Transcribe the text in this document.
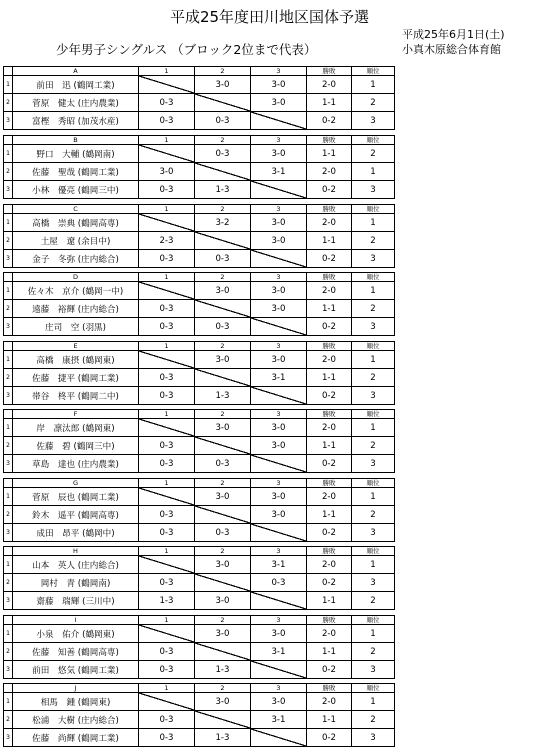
平成25年度田川地区国体予選
少年男子シングルス （ブロック2位まで代表）
平成25年6月1日(土)
小真木原総合体育館
	A	1	2	3	勝敗	順位
1	前田　迅 (鶴岡工業)		3-0	3-0	2-0	1
2	菅原　健太 (庄内農業)	0-3		3-0	1-1	2
3	富樫　秀昭 (加茂水産)	0-3	0-3		0-2	3
	B	1	2	3	勝敗	順位
1	野口　大輔 (鶴岡南)		0-3	3-0	1-1	2
2	佐藤　聖哉 (鶴岡工業)	3-0		3-1	2-0	1
3	小林　優亮 (鶴岡三中)	0-3	1-3		0-2	3
	C	1	2	3	勝敗	順位
1	高橋　崇典 (鶴岡高専)		3-2	3-0	2-0	1
2	土屋　遼 (余目中)	2-3		3-0	1-1	2
3	金子　冬弥 (庄内総合)	0-3	0-3		0-2	3
	D	1	2	3	勝敗	順位
1	佐々木　京介 (鶴岡一中)		3-0	3-0	2-0	1
2	遠藤　裕輝 (庄内総合)	0-3		3-0	1-1	2
3	庄司　空 (羽黒)	0-3	0-3		0-2	3
	E	1	2	3	勝敗	順位
1	高橋　康摂 (鶴岡東)		3-0	3-0	2-0	1
2	佐藤　捷平 (鶴岡工業)	0-3		3-1	1-1	2
3	帯谷　柊平 (鶴岡二中)	0-3	1-3		0-2	3
	F	1	2	3	勝敗	順位
1	岸　凛汰郎 (鶴岡東)		3-0	3-0	2-0	1
2	佐藤　碧 (鶴岡三中)	0-3		3-0	1-1	2
3	草島　達也 (庄内農業)	0-3	0-3		0-2	3
	G	1	2	3	勝敗	順位
1	菅原　辰也 (鶴岡工業)		3-0	3-0	2-0	1
2	鈴木　遥平 (鶴岡高専)	0-3		3-0	1-1	2
3	成田　昂平 (鶴岡中)	0-3	0-3		0-2	3
	H	1	2	3	勝敗	順位
1	山本　英人 (庄内総合)		3-0	3-1	2-0	1
2	岡村　青 (鶴岡南)	0-3		0-3	0-2	3
3	齋藤　瑞輝 (三川中)	1-3	3-0		1-1	2
	I	1	2	3	勝敗	順位
1	小泉　佑介 (鶴岡東)		3-0	3-0	2-0	1
2	佐藤　知善 (鶴岡高専)	0-3		3-1	1-1	2
3	前田　悠気 (鶴岡工業)	0-3	1-3		0-2	3
	J	1	2	3	勝敗	順位
1	相馬　鍾 (鶴岡東)		3-0	3-0	2-0	1
2	松浦　大樹 (庄内総合)	0-3		3-1	1-1	2
3	佐藤　尚輝 (鶴岡工業)	0-3	1-3		0-2	3
